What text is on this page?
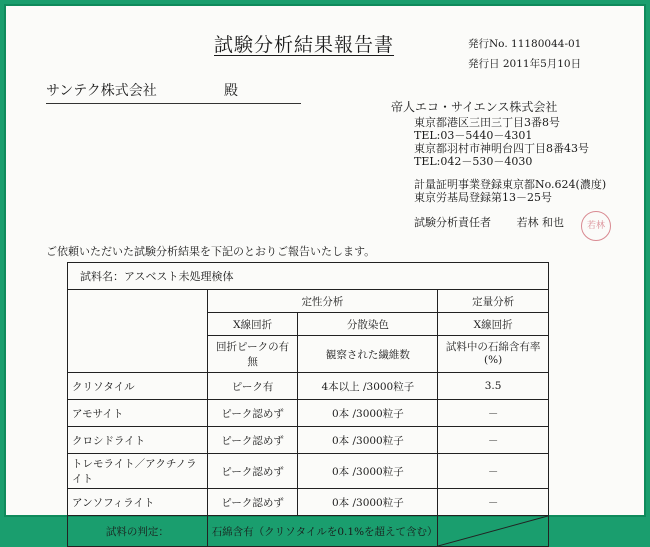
試験分析結果報告書	発行No. 11180044-01
発行日 2011年5月10日
サンテク株式会社	殿
帝人エコ・サイエンス株式会社
東京都港区三田三丁目3番8号
TEL:03－5440－4301
東京都羽村市神明台四丁目8番43号
TEL:042－530－4030
計量証明事業登録東京都No.624(濃度)
東京労基局登録第13－25号
試験分析責任者 若林 和也	若林
ご依頼いただいた試験分析結果を下記のとおりご報告いたします。
試料名：アスベスト未処理検体			
	定性分析		定量分析
	X線回折	分散染色	X線回折
	回折ピークの有無	観察された繊維数	試料中の石綿含有率(%)
クリソタイル	ピーク有	4本以上 /3000粒子	3.5
アモサイト	ピーク認めず	0本 /3000粒子	－
クロシドライト	ピーク認めず	0本 /3000粒子	－
トレモライト／アクチノライト	ピーク認めず	0本 /3000粒子	－
アンソフィライト	ピーク認めず	0本 /3000粒子	－
試料の判定：	石綿含有（クリソタイルを0.1%を超えて含む）	
